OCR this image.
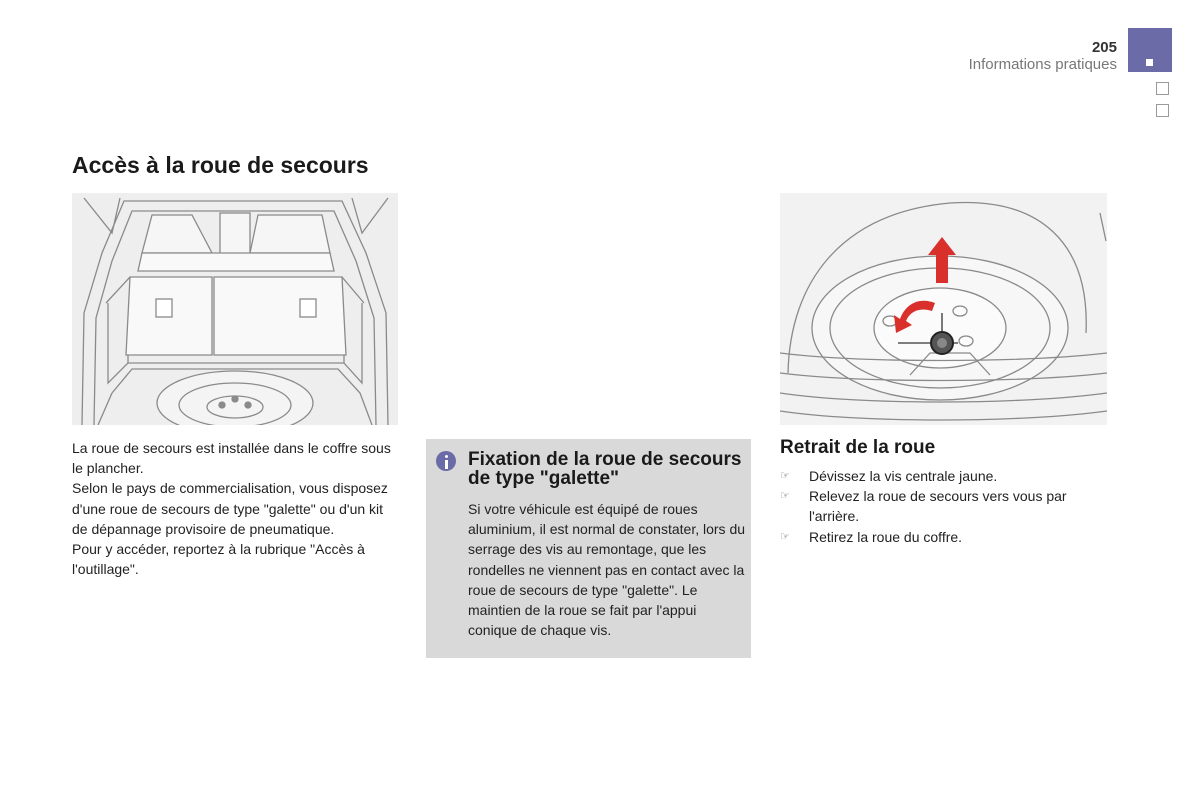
205
Informations pratiques
Accès à la roue de secours

La roue de secours est installée dans le coffre sous le plancher.

Selon le pays de commercialisation, vous disposez d'une roue de secours de type "galette" ou d'un kit de dépannage provisoire de pneumatique.

Pour y accéder, reportez à la rubrique "Accès à l'outillage".

Fixation de la roue de secours de type "galette"
Si votre véhicule est équipé de roues aluminium, il est normal de constater, lors du serrage des vis au remontage, que les rondelles ne viennent pas en contact avec la roue de secours de type "galette". Le maintien de la roue se fait par l'appui conique de chaque vis.
Retrait de la roue
☞	Dévissez la vis centrale jaune.
☞	Relevez la roue de secours vers vous par l'arrière.
☞	Retirez la roue du coffre.
